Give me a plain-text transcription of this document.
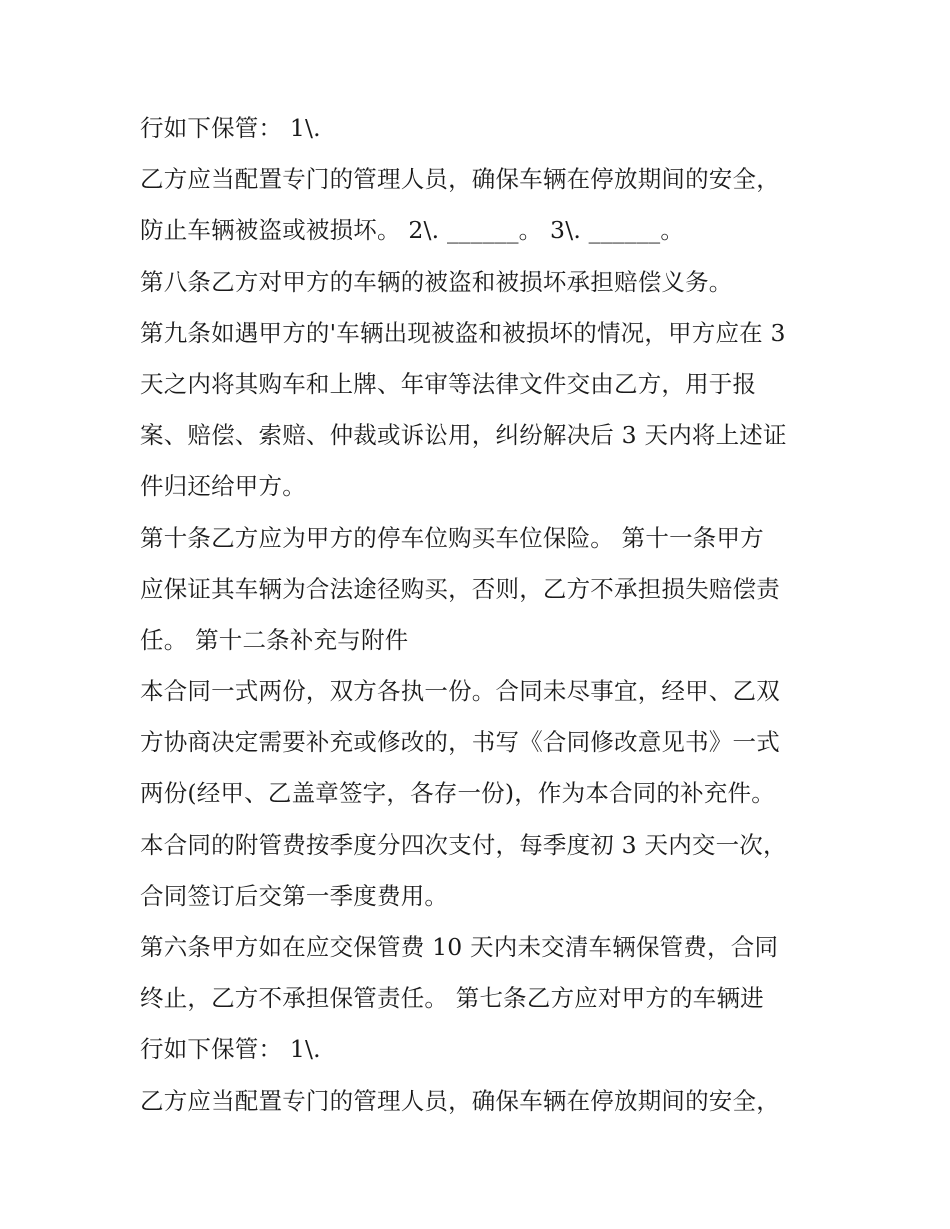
行如下保管： 1\.
乙方应当配置专门的管理人员，确保车辆在停放期间的安全，
防止车辆被盗或被损坏。 2\. ______。 3\. ______。
第八条乙方对甲方的车辆的被盗和被损坏承担赔偿义务。
第九条如遇甲方的'车辆出现被盗和被损坏的情况，甲方应在 3
天之内将其购车和上牌、年审等法律文件交由乙方，用于报
案、赔偿、索赔、仲裁或诉讼用，纠纷解决后 3 天内将上述证
件归还给甲方。
第十条乙方应为甲方的停车位购买车位保险。 第十一条甲方
应保证其车辆为合法途径购买，否则，乙方不承担损失赔偿责
任。 第十二条补充与附件
本合同一式两份，双方各执一份。合同未尽事宜，经甲、乙双
方协商决定需要补充或修改的，书写《合同修改意见书》一式
两份(经甲、乙盖章签字，各存一份)，作为本合同的补充件。
本合同的附管费按季度分四次支付，每季度初 3 天内交一次，
合同签订后交第一季度费用。
第六条甲方如在应交保管费 10 天内未交清车辆保管费，合同
终止，乙方不承担保管责任。 第七条乙方应对甲方的车辆进
行如下保管： 1\.
乙方应当配置专门的管理人员，确保车辆在停放期间的安全，
